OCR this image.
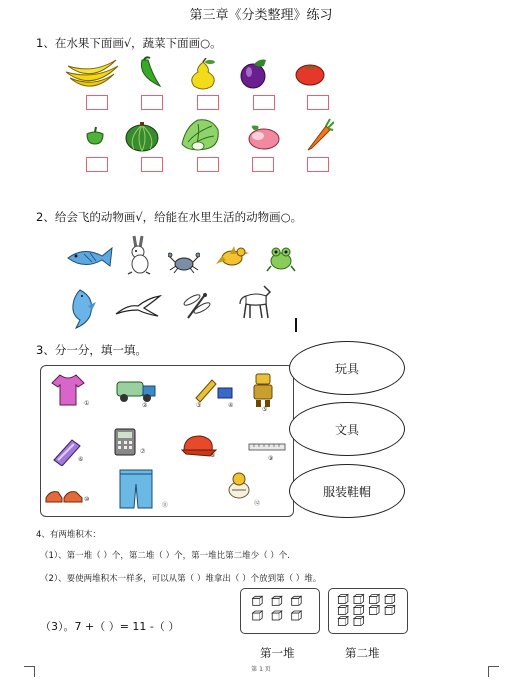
第三章《分类整理》练习
1、在水果下面画√，蔬菜下面画○。
2、给会飞的动物画√，给能在水里生活的动物画○。
3、分一分，填一填。
①	②	③	④
⑤
⑥
⑦
⑧	⑨
⑩
⑪	⑫
玩具
文具
服装鞋帽
4、有两堆积木：
（1）、第一堆（ ）个，第二堆（ ）个，第一堆比第二堆少（ ）个.
（2）、要使两堆积木一样多，可以从第（ ）堆拿出（ ）个放到第（ ）堆。
（3）。7 +（ ）= 11 -（ ）
第一堆	第二堆
第 1 页
